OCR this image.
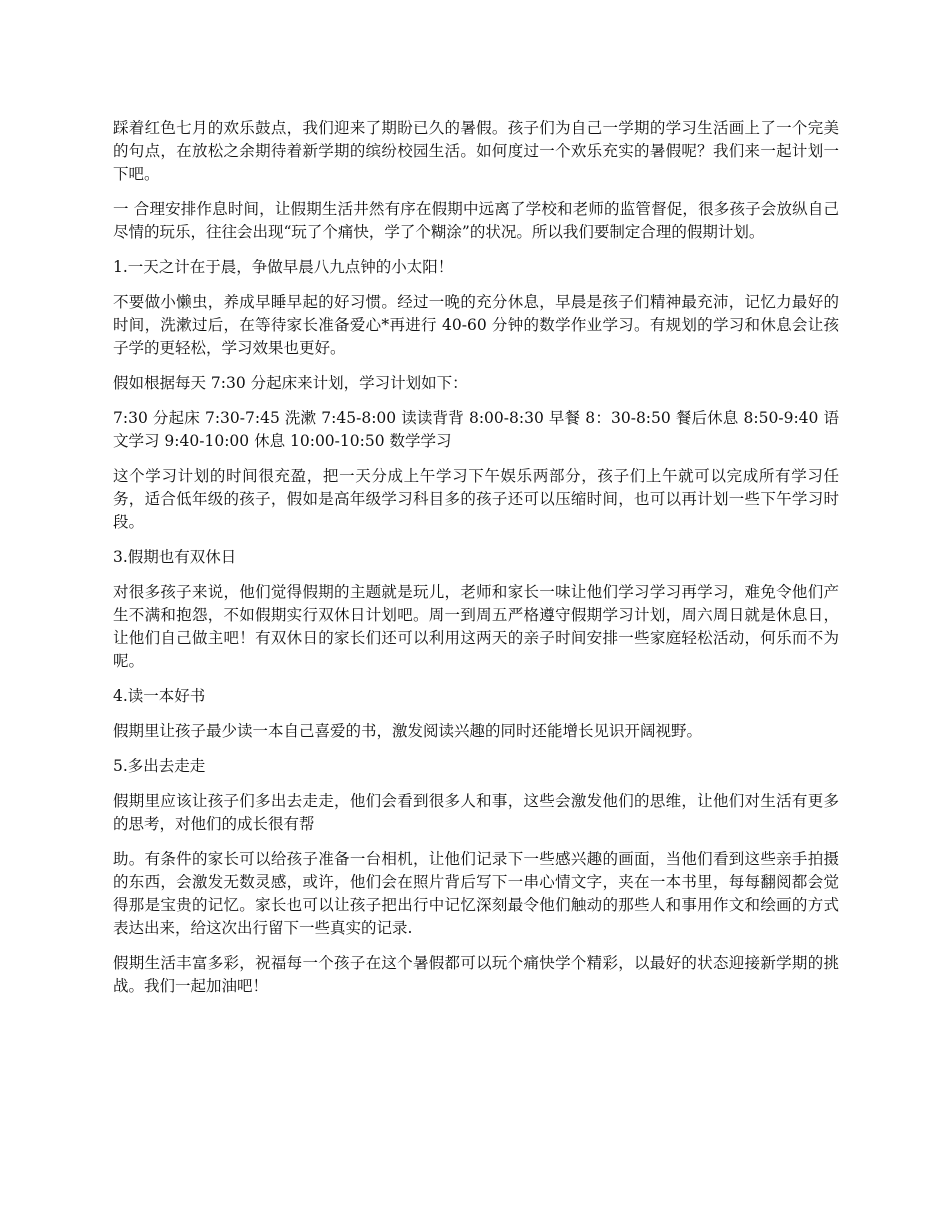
踩着红色七月的欢乐鼓点，我们迎来了期盼已久的暑假。孩子们为自己一学期的学习生活画上了一个完美的句点，在放松之余期待着新学期的缤纷校园生活。如何度过一个欢乐充实的暑假呢？我们来一起计划一下吧。

一 合理安排作息时间，让假期生活井然有序在假期中远离了学校和老师的监管督促，很多孩子会放纵自己尽情的玩乐，往往会出现“玩了个痛快，学了个糊涂”的状况。所以我们要制定合理的假期计划。

1.一天之计在于晨，争做早晨八九点钟的小太阳！

不要做小懒虫，养成早睡早起的好习惯。经过一晚的充分休息，早晨是孩子们精神最充沛，记忆力最好的时间，洗漱过后，在等待家长准备爱心*再进行 40-60 分钟的数学作业学习。有规划的学习和休息会让孩子学的更轻松，学习效果也更好。

假如根据每天 7:30 分起床来计划，学习计划如下：

7:30 分起床 7:30-7:45 洗漱 7:45-8:00 读读背背 8:00-8:30 早餐 8：30-8:50 餐后休息 8:50-9:40 语文学习 9:40-10:00 休息 10:00-10:50 数学学习

这个学习计划的时间很充盈，把一天分成上午学习下午娱乐两部分，孩子们上午就可以完成所有学习任务，适合低年级的孩子，假如是高年级学习科目多的孩子还可以压缩时间，也可以再计划一些下午学习时段。

3.假期也有双休日

对很多孩子来说，他们觉得假期的主题就是玩儿，老师和家长一味让他们学习学习再学习，难免令他们产生不满和抱怨，不如假期实行双休日计划吧。周一到周五严格遵守假期学习计划，周六周日就是休息日，让他们自己做主吧！有双休日的家长们还可以利用这两天的亲子时间安排一些家庭轻松活动，何乐而不为呢。

4.读一本好书

假期里让孩子最少读一本自己喜爱的书，激发阅读兴趣的同时还能增长见识开阔视野。

5.多出去走走

假期里应该让孩子们多出去走走，他们会看到很多人和事，这些会激发他们的思维，让他们对生活有更多的思考，对他们的成长很有帮

助。有条件的家长可以给孩子准备一台相机，让他们记录下一些感兴趣的画面，当他们看到这些亲手拍摄的东西，会激发无数灵感，或许，他们会在照片背后写下一串心情文字，夹在一本书里，每每翻阅都会觉得那是宝贵的记忆。家长也可以让孩子把出行中记忆深刻最令他们触动的那些人和事用作文和绘画的方式表达出来，给这次出行留下一些真实的记录.

假期生活丰富多彩，祝福每一个孩子在这个暑假都可以玩个痛快学个精彩，以最好的状态迎接新学期的挑战。我们一起加油吧！
